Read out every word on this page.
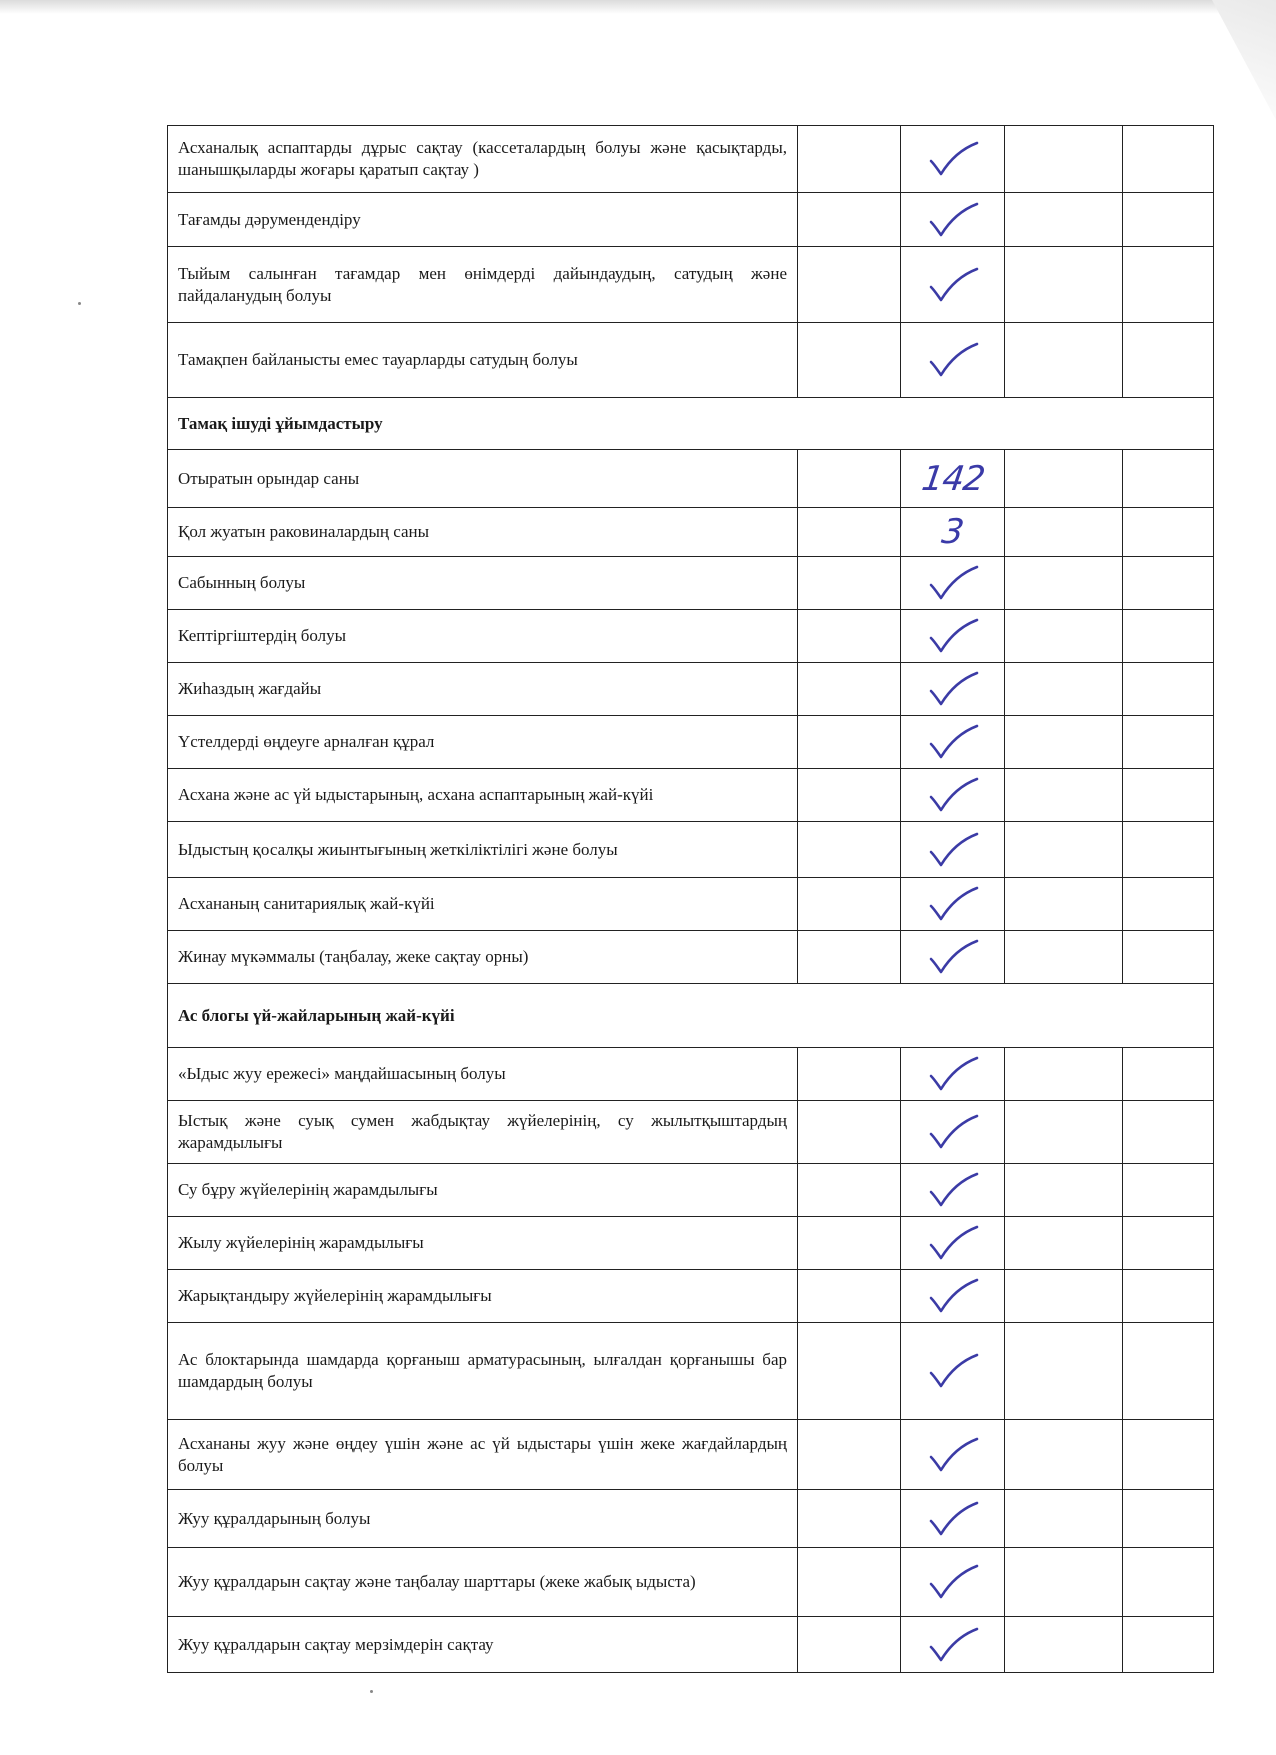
Асханалық аспаптарды дұрыс сақтау (кассеталардың болуы және қасықтарды, шанышқыларды жоғары қаратып сақтау )		

Тағамды дәрумендендіру		

Тыйым салынған тағамдар мен өнімдерді дайындаудың, сатудың және пайдаланудың болуы		

Тамақпен байланысты емес тауарларды сатудың болуы		

Тамақ ішуді ұйымдастыру				
Отыратын орындар саны		142		
Қол жуатын раковиналардың саны		3		
Сабынның болуы		

Кептіргіштердің болуы		

Жиһаздың жағдайы		

Үстелдерді өңдеуге арналған құрал		

Асхана және ас үй ыдыстарының, асхана аспаптарының жай-күйі		

Ыдыстың қосалқы жиынтығының жеткіліктілігі және болуы		

Асхананың санитариялық жай-күйі		

Жинау мүкәммалы (таңбалау, жеке сақтау орны)		

Ас блогы үй-жайларының жай-күйі				
«Ыдыс жуу ережесі» маңдайшасының болуы		

Ыстық және суық сумен жабдықтау жүйелерінің, су жылытқыштардың жарамдылығы		

Су бұру жүйелерінің жарамдылығы		

Жылу жүйелерінің жарамдылығы		

Жарықтандыру жүйелерінің жарамдылығы		

Ас блоктарында шамдарда қорғаныш арматурасының, ылғалдан қорғанышы бар шамдардың болуы		

Асхананы жуу және өңдеу үшін және ас үй ыдыстары үшін жеке жағдайлардың болуы		

Жуу құралдарының болуы		

Жуу құралдарын сақтау және таңбалау шарттары (жеке жабық ыдыста)		

Жуу құралдарын сақтау мерзімдерін сақтау		
